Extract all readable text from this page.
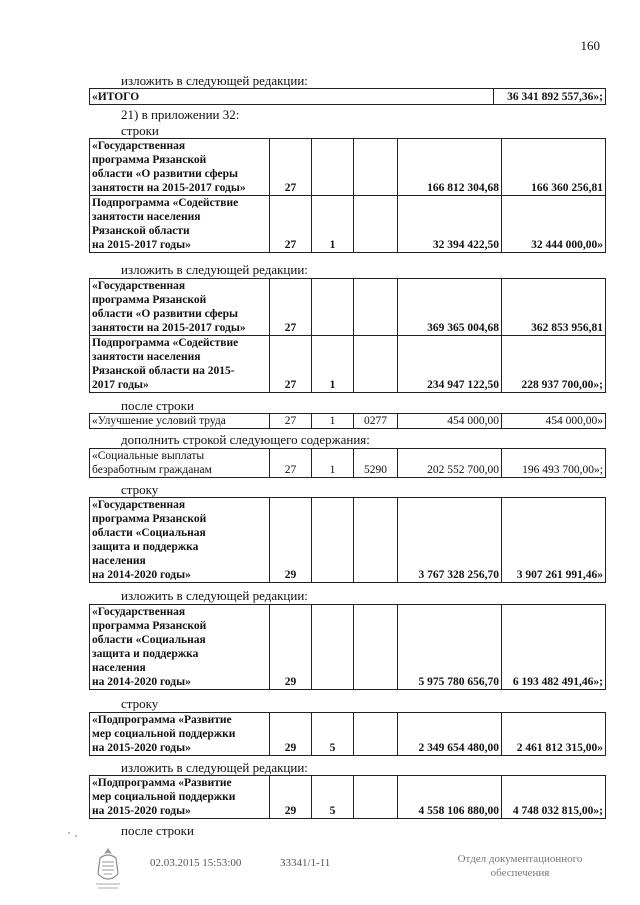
160
изложить в следующей редакции:
«ИТОГО	36 341 892 557,36»;
21) в приложении 32:
строки
«Государственная
программа Рязанской
области «О развитии сферы
занятости на 2015-2017 годы»	27			166 812 304,68	166 360 256,81

Подпрограмма «Содействие
занятости населения
Рязанской области
на 2015-2017 годы»	27	1		32 394 422,50	32 444 000,00»
изложить в следующей редакции:
«Государственная
программа Рязанской
области «О развитии сферы
занятости на 2015-2017 годы»	27			369 365 004,68	362 853 956,81

Подпрограмма «Содействие
занятости населения
Рязанской области на 2015-
2017 годы»	27	1		234 947 122,50	228 937 700,00»;
после строки
«Улучшение условий труда	27	1	0277	454 000,00	454 000,00»
дополнить строкой следующего содержания:
«Социальные выплаты
безработным гражданам	27	1	5290	202 552 700,00	196 493 700,00»;
строку
«Государственная
программа Рязанской
области «Социальная
защита и поддержка
населения
на 2014-2020 годы»	29			3 767 328 256,70	3 907 261 991,46»
изложить в следующей редакции:
«Государственная
программа Рязанской
области «Социальная
защита и поддержка
населения
на 2014-2020 годы»	29			5 975 780 656,70	6 193 482 491,46»;
строку
«Подпрограмма «Развитие
мер социальной поддержки
на 2015-2020 годы»	29	5		2 349 654 480,00	2 461 812 315,00»
изложить в следующей редакции:
«Подпрограмма «Развитие
мер социальной поддержки
на 2015-2020 годы»	29	5		4 558 106 880,00	4 748 032 815,00»;
после строки
02.03.2015 15:53:00	33341/1-11	Отдел документационного
обеспечения
